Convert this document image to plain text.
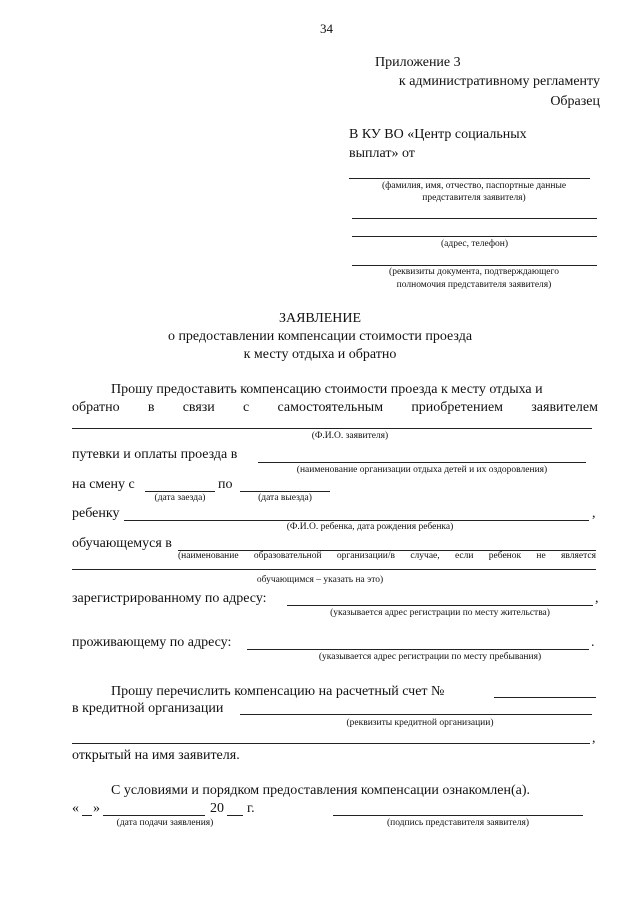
34
Приложение 3
к административному регламенту
Образец
В КУ ВО «Центр социальных
выплат» от
(фамилия, имя, отчество, паспортные данные
представителя заявителя)
(адрес, телефон)
(реквизиты документа, подтверждающего
полномочия представителя заявителя)
ЗАЯВЛЕНИЕ
о предоставлении компенсации стоимости проезда
к месту отдыха и обратно
Прошу предоставить компенсацию стоимости проезда к месту отдыха и
обратно в связи с самостоятельным приобретением заявителем
(Ф.И.О. заявителя)
путевки и оплаты проезда в
(наименование организации отдыха детей и их оздоровления)
на смену с	по
(дата заезда)	(дата выезда)
ребенку	,
(Ф.И.О. ребенка, дата рождения ребенка)
обучающемуся в
(наименование образовательной организации/в случае, если ребенок не является
обучающимся – указать на это)
зарегистрированному по адресу:	,
(указывается адрес регистрации по месту жительства)
проживающему по адресу:	.
(указывается адрес регистрации по месту пребывания)
Прошу перечислить компенсацию на расчетный счет №
в кредитной организации
(реквизиты кредитной организации)
,
открытый на имя заявителя.
С условиями и порядком предоставления компенсации ознакомлен(а).
« »	20 г.
(дата подачи заявления)	(подпись представителя заявителя)
